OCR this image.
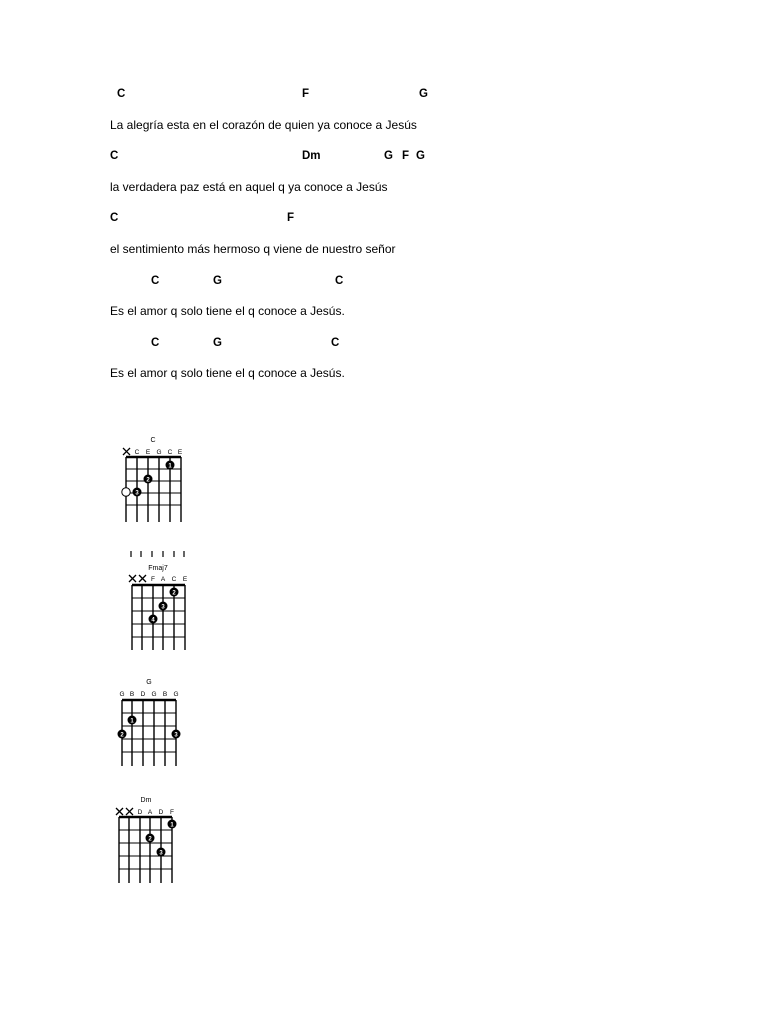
C	F	G
La alegría esta en el corazón de quien ya conoce a Jesús
C	Dm	G F G
la verdadera paz está en aquel q ya conoce a Jesús
C	F
el sentimiento más hermoso q viene de nuestro señor
C	G	C
Es el amor q solo tiene el q conoce a Jesús.
C	G	C
Es el amor q solo tiene el q conoce a Jesús.
C
C E G C E
1
2
3
Fmaj7
F A C E
2
3
4
G
G B D G B G
1
2	3
Dm
D A D F
1
2
3
